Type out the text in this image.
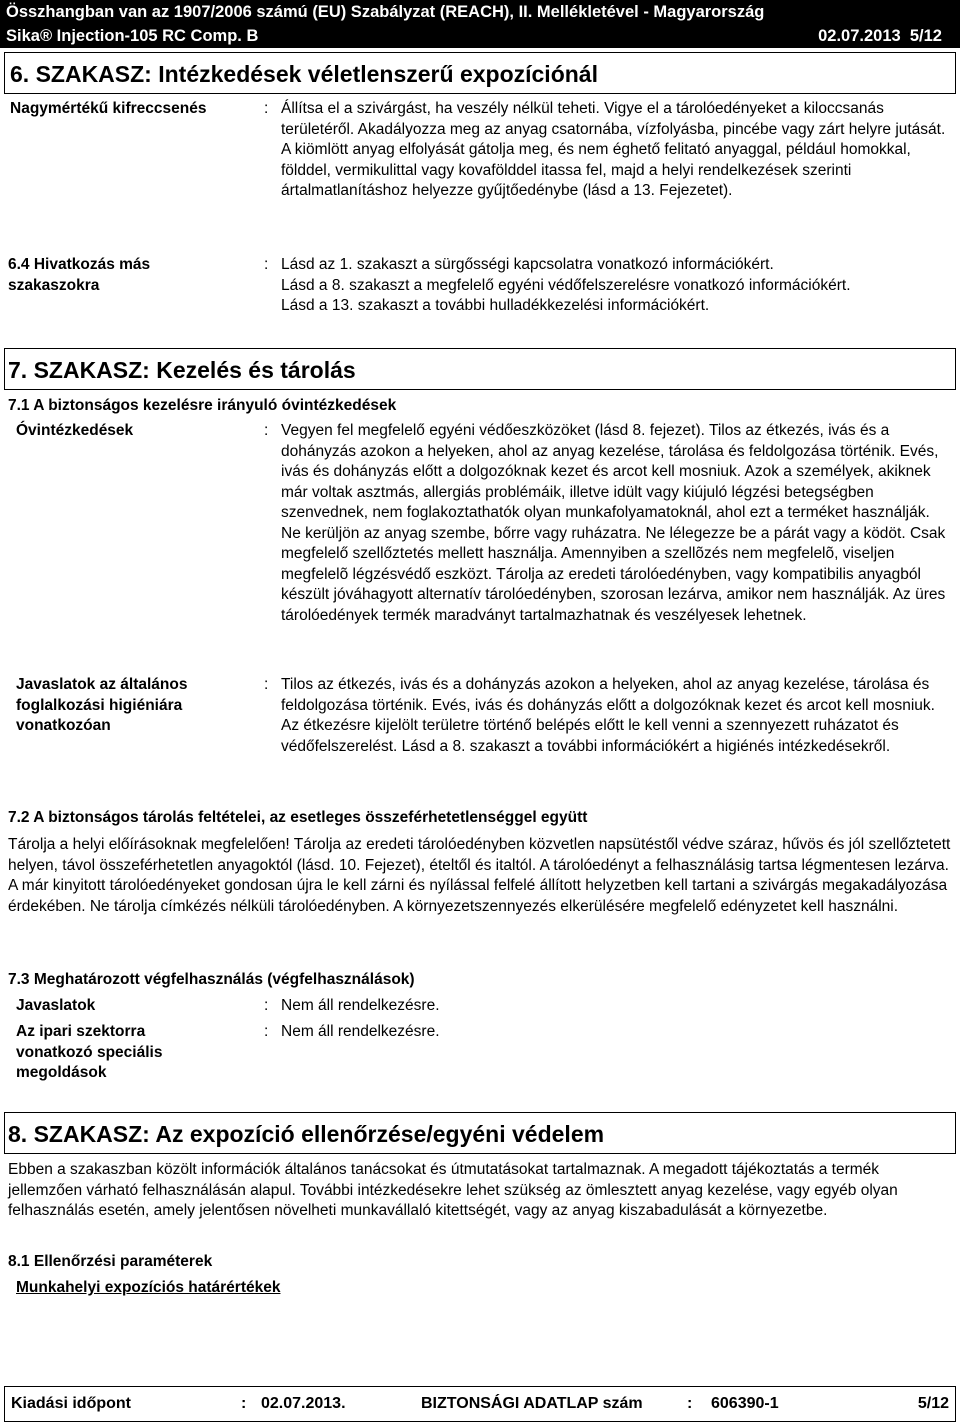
Összhangban van az 1907/2006 számú (EU) Szabályzat (REACH), II. Mellékletével - Magyarország
Sika® Injection-105 RC Comp. B	02.07.2013 5/12
6. SZAKASZ: Intézkedések véletlenszerű expozíciónál
Nagymértékű kifreccsenés	: Állítsa el a szivárgást, ha veszély nélkül teheti. Vigye el a tárolóedényeket a kiloccsanás területéről. Akadályozza meg az anyag csatornába, vízfolyásba, pincébe vagy zárt helyre jutását. A kiömlött anyag elfolyását gátolja meg, és nem éghető felitató anyaggal, például homokkal, földdel, vermikulittal vagy kovafölddel itassa fel, majd a helyi rendelkezések szerinti ártalmatlanításhoz helyezze gyűjtőedénybe (lásd a 13. Fejezetet).
6.4 Hivatkozás más szakaszokra
: Lásd az 1. szakaszt a sürgősségi kapcsolatra vonatkozó információkért.
Lásd a 8. szakaszt a megfelelő egyéni védőfelszerelésre vonatkozó információkért.
Lásd a 13. szakaszt a további hulladékkezelési információkért.
7. SZAKASZ: Kezelés és tárolás
7.1 A biztonságos kezelésre irányuló óvintézkedések
Óvintézkedések	: Vegyen fel megfelelő egyéni védőeszközöket (lásd 8. fejezet). Tilos az étkezés, ivás és a dohányzás azokon a helyeken, ahol az anyag kezelése, tárolása és feldolgozása történik. Evés, ivás és dohányzás előtt a dolgozóknak kezet és arcot kell mosniuk. Azok a személyek, akiknek már voltak asztmás, allergiás problémáik, illetve idült vagy kiújuló légzési betegségben szenvednek, nem foglakoztathatók olyan munkafolyamatoknál, ahol ezt a terméket használják. Ne kerüljön az anyag szembe, bőrre vagy ruházatra. Ne lélegezze be a párát vagy a ködöt. Csak megfelelő szellőztetés mellett használja. Amennyiben a szellõzés nem megfelelõ, viseljen megfelelõ légzésvédő eszközt. Tárolja az eredeti tárolóedényben, vagy kompatibilis anyagból készült jóváhagyott alternatív tárolóedényben, szorosan lezárva, amikor nem használják. Az üres tárolóedények termék maradványt tartalmazhatnak és veszélyesek lehetnek.
Javaslatok az általános foglalkozási higiéniára vonatkozóan
: Tilos az étkezés, ivás és a dohányzás azokon a helyeken, ahol az anyag kezelése, tárolása és feldolgozása történik. Evés, ivás és dohányzás előtt a dolgozóknak kezet és arcot kell mosniuk. Az étkezésre kijelölt területre történő belépés előtt le kell venni a szennyezett ruházatot és védőfelszerelést. Lásd a 8. szakaszt a további információkért a higiénés intézkedésekről.
7.2 A biztonságos tárolás feltételei, az esetleges összeférhetetlenséggel együtt
Tárolja a helyi előírásoknak megfelelően! Tárolja az eredeti tárolóedényben közvetlen napsütéstől védve száraz, hűvös és jól szellőztetett helyen, távol összeférhetetlen anyagoktól (lásd. 10. Fejezet), ételtől és italtól. A tárolóedényt a felhasználásig tartsa légmentesen lezárva. A már kinyitott tárolóedényeket gondosan újra le kell zárni és nyílással felfelé állított helyzetben kell tartani a szivárgás megakadályozása érdekében. Ne tárolja címkézés nélküli tárolóedényben. A környezetszennyezés elkerülésére megfelelő edényzetet kell használni.
7.3 Meghatározott végfelhasználás (végfelhasználások)
Javaslatok	: Nem áll rendelkezésre.
Az ipari szektorra vonatkozó speciális megoldások
: Nem áll rendelkezésre.
8. SZAKASZ: Az expozíció ellenőrzése/egyéni védelem
Ebben a szakaszban közölt információk általános tanácsokat és útmutatásokat tartalmaznak. A megadott tájékoztatás a termék jellemzően várható felhasználásán alapul. További intézkedésekre lehet szükség az ömlesztett anyag kezelése, vagy egyéb olyan felhasználás esetén, amely jelentősen növelheti munkavállaló kitettségét, vagy az anyag kiszabadulását a környezetbe.
8.1 Ellenőrzési paraméterek
Munkahelyi expozíciós határértékek
Kiadási időpont	: 02.07.2013.	BIZTONSÁGI ADATLAP szám	: 606390-1	5/12
